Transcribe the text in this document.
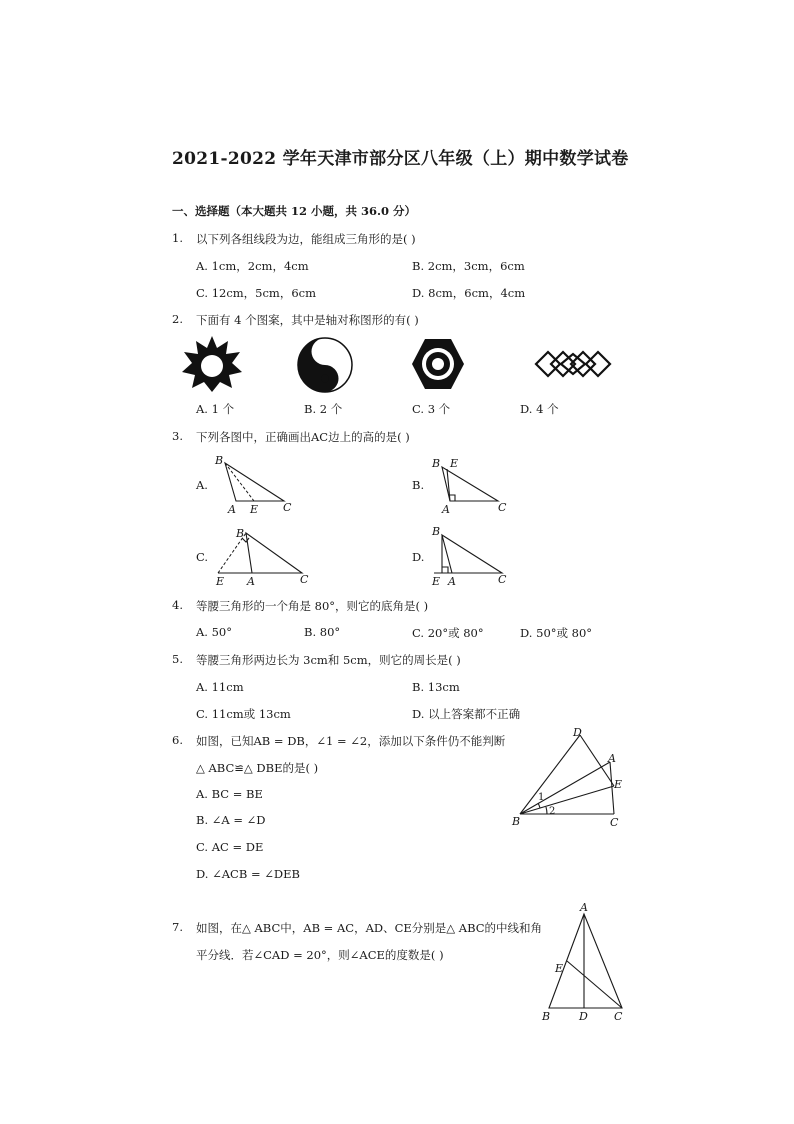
2021-2022 学年天津市部分区八年级（上）期中数学试卷
一、选择题（本大题共 12 小题，共 36.0 分）
1. 以下列各组线段为边，能组成三角形的是( )
A. 1cm，2cm，4cm	B. 2cm，3cm，6cm
C. 12cm，5cm，6cm	D. 8cm，6cm，4cm
2. 下面有 4 个图案，其中是轴对称图形的有( )
A. 1 个	B. 2 个	C. 3 个	D. 4 个
3. 下列各图中，正确画出AC边上的高的是( )
A.
B
A E C
B.
B E
A	C
C.
B
E A	C
D.
B
E A	C
4. 等腰三角形的一个角是 80°，则它的底角是( )
A. 50°	B. 80°	C. 20°或 80°	D. 50°或 80°
5. 等腰三角形两边长为 3cm和 5cm，则它的周长是( )
A. 11cm	B. 13cm
C. 11cm或 13cm	D. 以上答案都不正确
6. 如图，已知AB = DB，∠1 = ∠2，添加以下条件仍不能判断
△ ABC≌△ DBE的是( )
A. BC = BE
B. ∠A = ∠D
C. AC = DE
D. ∠ACB = ∠DEB
D
A
E
B	C
1
2
7. 如图，在△ ABC中，AB = AC，AD、CE分别是△ ABC的中线和角
平分线．若∠CAD = 20°，则∠ACE的度数是( )
A
E
B	D C
